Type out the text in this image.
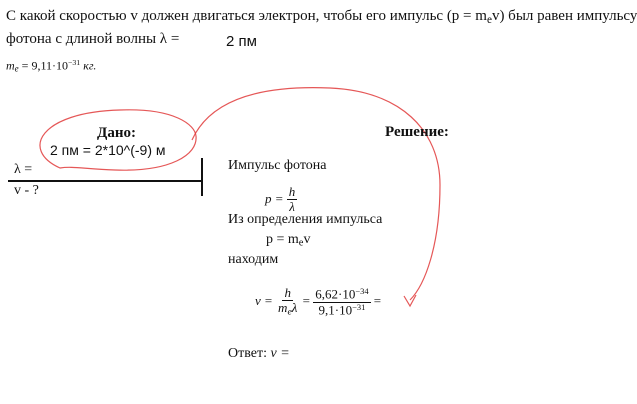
С какой скоростью v должен двигаться электрон, чтобы его импульс $(p = m_ev)$ был равен импульсу
фотона с длиной волны λ =	2 пм
$m_e = 9,11\cdot 10^{-31}$ кг.
Дано:
2 пм = 2*10^(-9) м
λ =
v - ?
Решение:
Импульс фотона
$p = \frac{h}{\lambda}$
Из определения импульса
$p = m_ev$
находим
$v = \frac{h}{m_e\lambda} = \frac{6,62\cdot 10^{-34}}{9,1\cdot 10^{-31}}$ =
Ответ: v =
